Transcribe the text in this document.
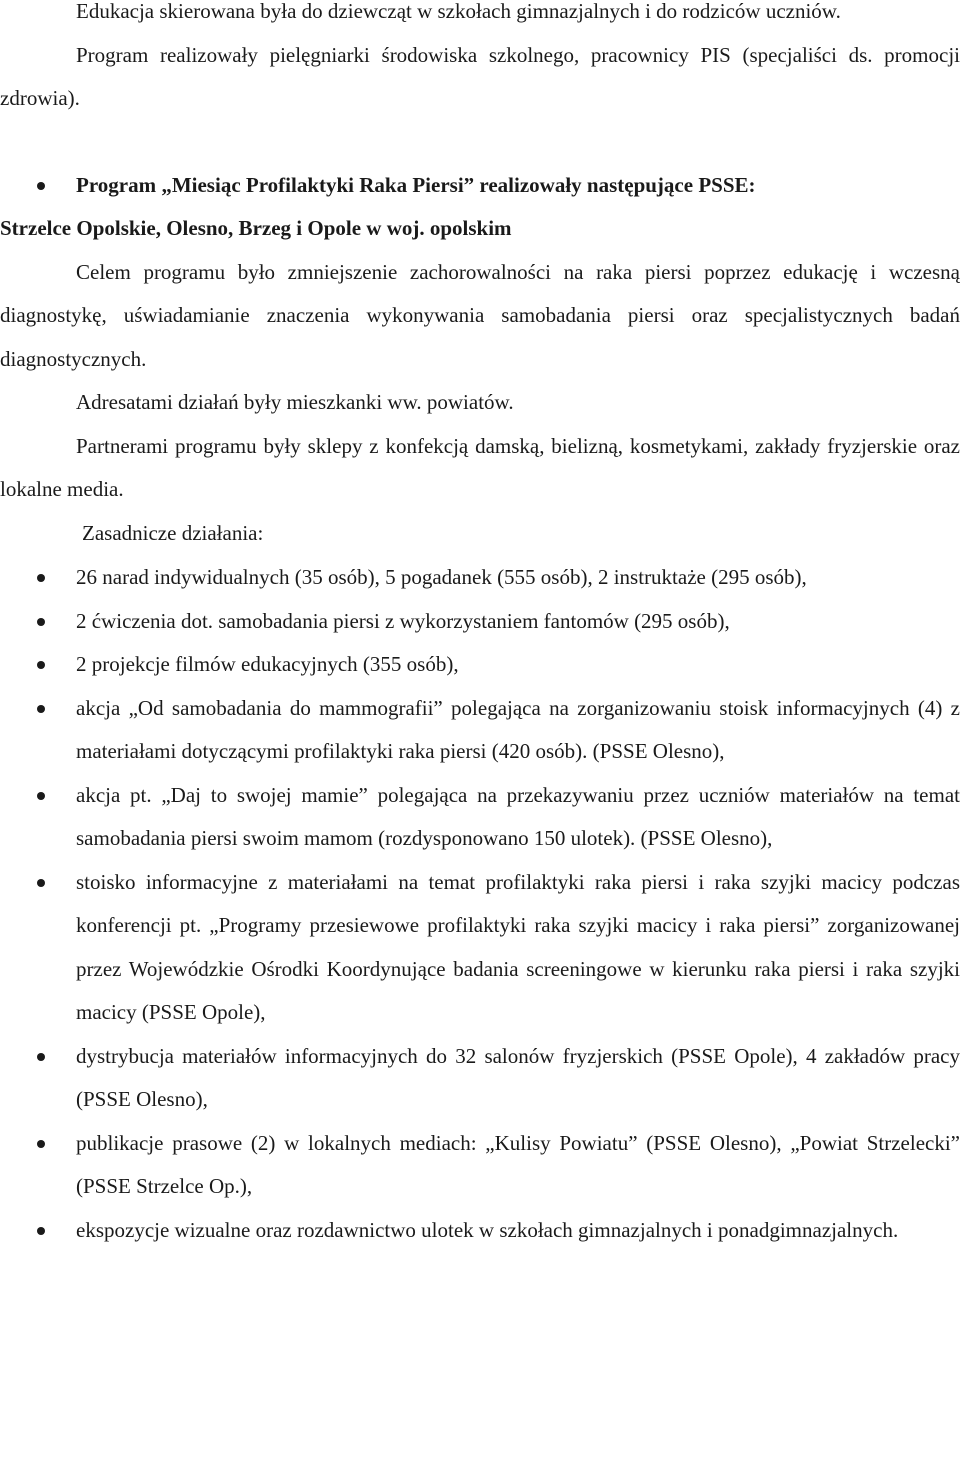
Edukacja skierowana była do dziewcząt w szkołach gimnazjalnych i do rodziców uczniów.

Program realizowały pielęgniarki środowiska szkolnego, pracownicy PIS (specjaliści ds. promocji zdrowia).

Program „Miesiąc Profilaktyki Raka Piersi” realizowały następujące PSSE:

Strzelce Opolskie, Olesno, Brzeg i Opole w woj. opolskim

Celem programu było zmniejszenie zachorowalności na raka piersi poprzez edukację i wczesną diagnostykę, uświadamianie znaczenia wykonywania samobadania piersi oraz specjalistycznych badań diagnostycznych.

Adresatami działań były mieszkanki ww. powiatów.

Partnerami programu były sklepy z konfekcją damską, bielizną, kosmetykami, zakłady fryzjerskie oraz lokalne media.

Zasadnicze działania:

26 narad indywidualnych (35 osób), 5 pogadanek (555 osób), 2 instruktaże (295 osób),
2 ćwiczenia dot. samobadania piersi z wykorzystaniem fantomów (295 osób),
2 projekcje filmów edukacyjnych (355 osób),
akcja „Od samobadania do mammografii” polegająca na zorganizowaniu stoisk informacyjnych (4) z materiałami dotyczącymi profilaktyki raka piersi (420 osób). (PSSE Olesno),
akcja pt. „Daj to swojej mamie” polegająca na przekazywaniu przez uczniów materiałów na temat samobadania piersi swoim mamom (rozdysponowano 150 ulotek). (PSSE Olesno),
stoisko informacyjne z materiałami na temat profilaktyki raka piersi i raka szyjki macicy podczas konferencji pt. „Programy przesiewowe profilaktyki raka szyjki macicy i raka piersi” zorganizowanej przez Wojewódzkie Ośrodki Koordynujące badania screeningowe w kierunku raka piersi i raka szyjki macicy (PSSE Opole),
dystrybucja materiałów informacyjnych do 32 salonów fryzjerskich (PSSE Opole), 4 zakładów pracy (PSSE Olesno),
publikacje prasowe (2) w lokalnych mediach: „Kulisy Powiatu” (PSSE Olesno), „Powiat Strzelecki” (PSSE Strzelce Op.),
ekspozycje wizualne oraz rozdawnictwo ulotek w szkołach gimnazjalnych i ponadgimnazjalnych.
